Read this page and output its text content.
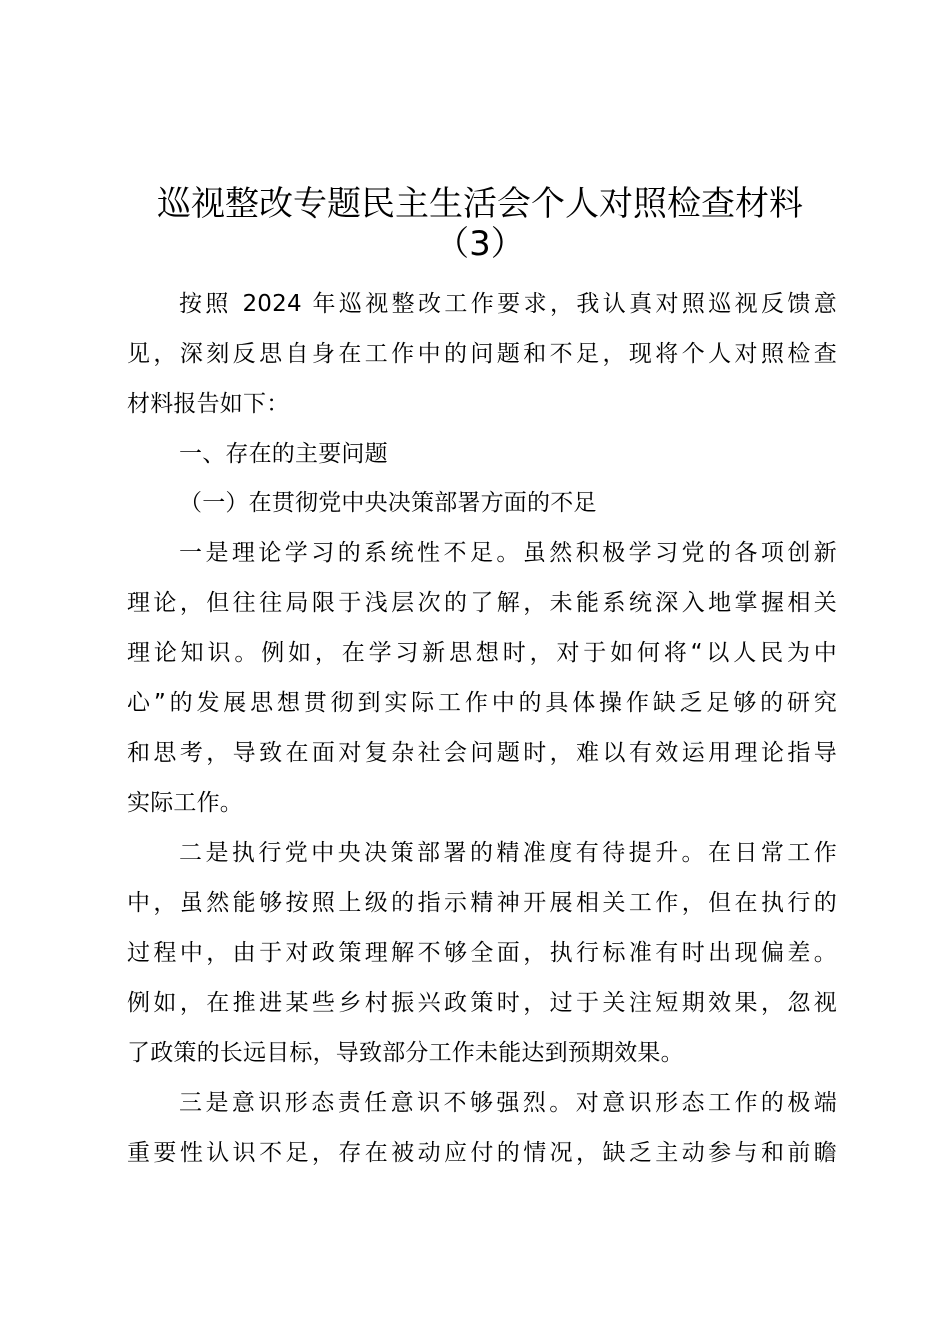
巡视整改专题民主生活会个人对照检查材料
（3）
按照 2024 年巡视整改工作要求，我认真对照巡视反馈意
见，深刻反思自身在工作中的问题和不足，现将个人对照检查
材料报告如下：
一、存在的主要问题
（一）在贯彻党中央决策部署方面的不足
一是理论学习的系统性不足。虽然积极学习党的各项创新
理论，但往往局限于浅层次的了解，未能系统深入地掌握相关
理论知识。例如，在学习新思想时，对于如何将“以人民为中
心”的发展思想贯彻到实际工作中的具体操作缺乏足够的研究
和思考，导致在面对复杂社会问题时，难以有效运用理论指导
实际工作。
二是执行党中央决策部署的精准度有待提升。在日常工作
中，虽然能够按照上级的指示精神开展相关工作，但在执行的
过程中，由于对政策理解不够全面，执行标准有时出现偏差。
例如，在推进某些乡村振兴政策时，过于关注短期效果，忽视
了政策的长远目标，导致部分工作未能达到预期效果。
三是意识形态责任意识不够强烈。对意识形态工作的极端
重要性认识不足，存在被动应付的情况，缺乏主动参与和前瞻
